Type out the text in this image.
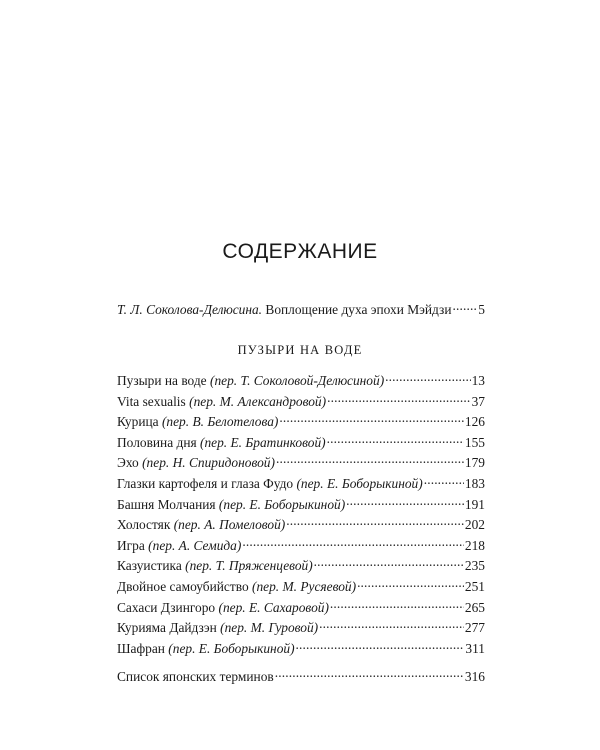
СОДЕРЖАНИЕ
Т. Л. Соколова-Делюсина. Воплощение духа эпохи Мэйдзи . . . 5
ПУЗЫРИ НА ВОДЕ
Пузыри на воде (пер. Т. Соколовой-Делюсиной) . . .	13
Vita sexualis (пер. М. Александровой) . . .	37
Курица (пер. В. Белотелова) . . .	126
Половина дня (пер. Е. Братинковой) . . .	155
Эхо (пер. Н. Спиридоновой) . . .	179
Глазки картофеля и глаза Фудо (пер. Е. Боборыкиной) . . .	183
Башня Молчания (пер. Е. Боборыкиной) . . .	191
Холостяк (пер. А. Помеловой) . . .	202
Игра (пер. А. Семида) . . .	218
Казуистика (пер. Т. Пряженцевой) . . .	235
Двойное самоубийство (пер. М. Русяевой) . . .	251
Сахаси Дзингоро (пер. Е. Сахаровой) . . .	265
Курияма Дайдзэн (пер. М. Гуровой) . . .	277
Шафран (пер. Е. Боборыкиной) . . .	311
Список японских терминов . . .	316
